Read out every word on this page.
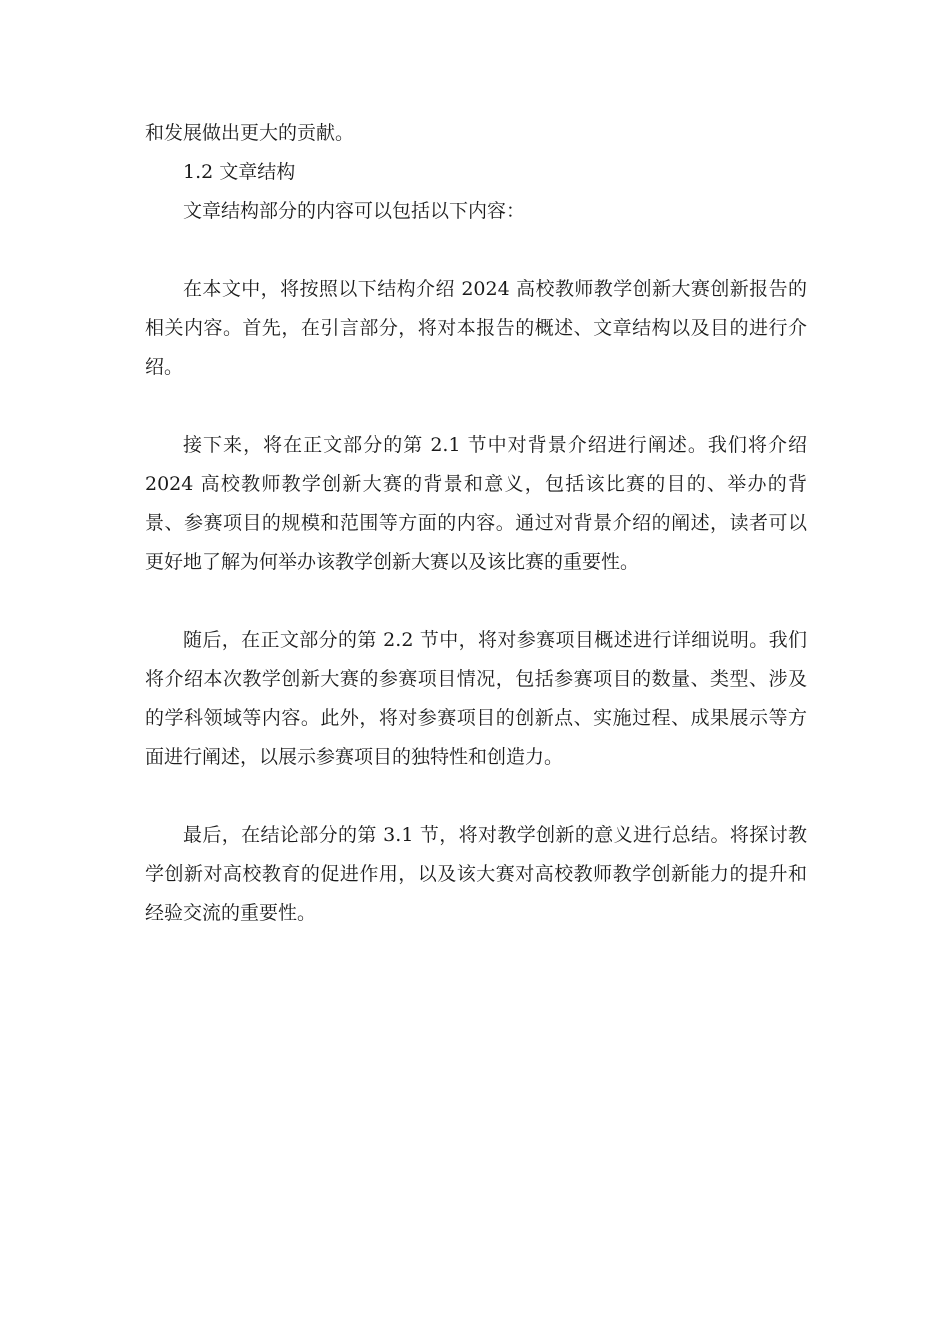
和发展做出更大的贡献。

1.2 文章结构

文章结构部分的内容可以包括以下内容：

在本文中，将按照以下结构介绍 2024 高校教师教学创新大赛创新报告的相关内容。首先，在引言部分，将对本报告的概述、文章结构以及目的进行介绍。

接下来，将在正文部分的第 2.1 节中对背景介绍进行阐述。我们将介绍 2024 高校教师教学创新大赛的背景和意义，包括该比赛的目的、举办的背景、参赛项目的规模和范围等方面的内容。通过对背景介绍的阐述，读者可以更好地了解为何举办该教学创新大赛以及该比赛的重要性。

随后，在正文部分的第 2.2 节中，将对参赛项目概述进行详细说明。我们将介绍本次教学创新大赛的参赛项目情况，包括参赛项目的数量、类型、涉及的学科领域等内容。此外，将对参赛项目的创新点、实施过程、成果展示等方面进行阐述，以展示参赛项目的独特性和创造力。

最后，在结论部分的第 3.1 节，将对教学创新的意义进行总结。将探讨教学创新对高校教育的促进作用，以及该大赛对高校教师教学创新能力的提升和经验交流的重要性。
